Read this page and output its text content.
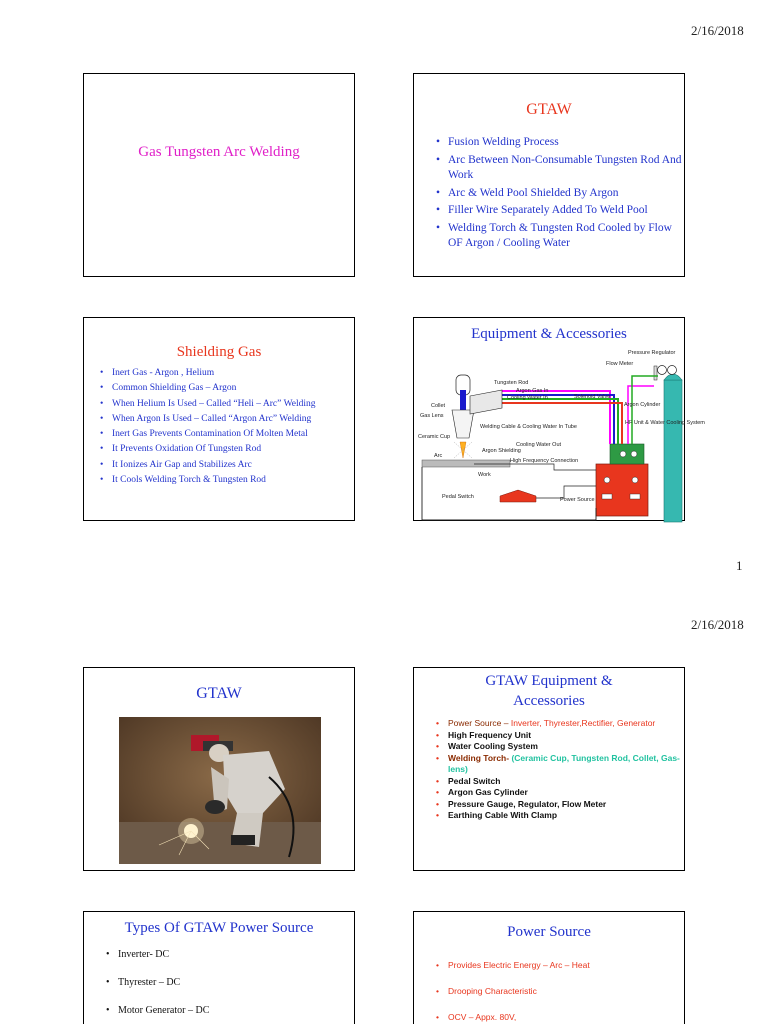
2/16/2018
Gas Tungsten Arc Welding
GTAW
• Fusion Welding Process
• Arc Between Non-Consumable Tungsten Rod And Work
• Arc & Weld Pool Shielded By Argon
• Filler Wire Separately Added To Weld Pool
• Welding Torch & Tungsten Rod Cooled by Flow OF Argon / Cooling Water
Shielding Gas
• Inert Gas - Argon , Helium
• Common Shielding Gas – Argon
• When Helium Is Used – Called “Heli – Arc” Welding
• When Argon Is Used – Called “Argon Arc” Welding
• Inert Gas Prevents Contamination Of Molten Metal
• It Prevents Oxidation Of Tungsten Rod
• It Ionizes Air Gap and Stabilizes Arc
• It Cools Welding Torch & Tungsten Rod
Equipment & Accessories
Pressure Regulator
Flow Meter
Tungsten Rod
Argon Gas In
Cooling Water In	Solenoid Valve
Argon Cylinder
Collet
Gas Lens
HF Unit & Water Cooling System
Welding Cable & Cooling Water In Tube
Ceramic Cup
Cooling Water Out
Argon Shielding
Arc
High Frequency Connection
Work
Pedal Switch	Power Source
1
2/16/2018
GTAW
GTAW Equipment & Accessories
• Power Source – Inverter, Thyrester,Rectifier, Generator
• High Frequency Unit
• Water Cooling System
• Welding Torch- (Ceramic Cup, Tungsten Rod, Collet, Gas-lens)
• Pedal Switch
• Argon Gas Cylinder
• Pressure Gauge, Regulator, Flow Meter
• Earthing Cable With Clamp
Types Of GTAW Power Source
• Inverter- DC
• Thyrester – DC
• Motor Generator – DC
Power Source
• Provides Electric Energy – Arc – Heat
• Drooping Characteristic
• OCV – Appx. 80V,
